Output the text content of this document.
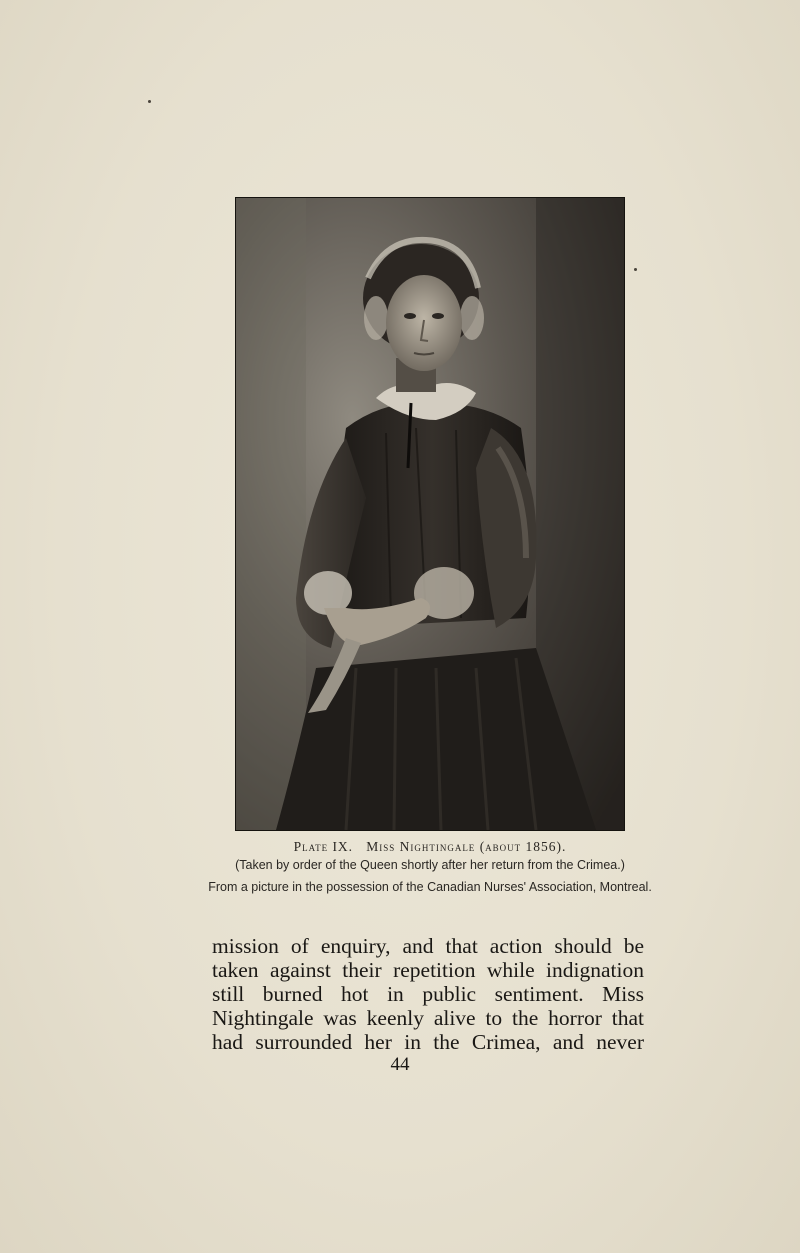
Plate IX. Miss Nightingale (about 1856).

(Taken by order of the Queen shortly after her return from the Crimea.)

From a picture in the possession of the Canadian Nurses' Association, Montreal.

mission of enquiry, and that action should be
taken against their repetition while indignation
still burned hot in public sentiment. Miss
Nightingale was keenly alive to the horror that
had surrounded her in the Crimea, and never
44
